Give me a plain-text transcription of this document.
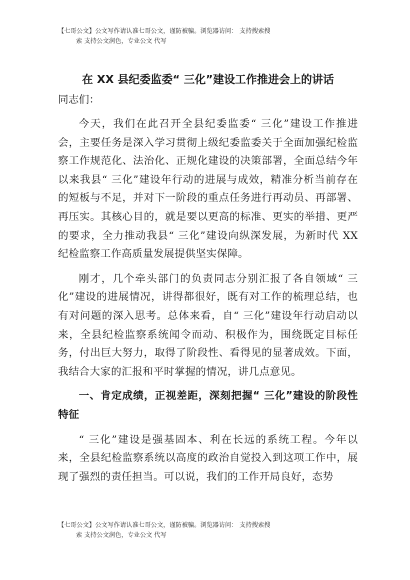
【七哥公文】公文写作请认准七哥公文，谨防被骗。浏览器访问： 支持搜索搜
索 支持公文润色，专业公文 代写
在 XX 县纪委监委“ 三化”建设工作推进会上的讲话
同志们：

今天，我们在此召开全县纪委监委“ 三化”建设工作推进会，主要任务是深入学习贯彻上级纪委监委关于全面加强纪检监察工作规范化、法治化、正规化建设的决策部署，全面总结今年以来我县“ 三化”建设年行动的进展与成效，精准分析当前存在的短板与不足，并对下一阶段的重点任务进行再动员、再部署、再压实。其核心目的，就是要以更高的标准、更实的举措、更严的要求，全力推动我县“ 三化”建设向纵深发展，为新时代 XX 纪检监察工作高质量发展提供坚实保障。

刚才，几个牵头部门的负责同志分别汇报了各自领域“ 三化”建设的进展情况，讲得都很好，既有对工作的梳理总结，也有对问题的深入思考。总体来看，自“ 三化”建设年行动启动以来，全县纪检监察系统闻令而动、积极作为，围绕既定目标任务，付出巨大努力，取得了阶段性、看得见的显著成效。下面，我结合大家的汇报和平时掌握的情况，讲几点意见。

一、肯定成绩，正视差距，深刻把握“ 三化”建设的阶段性特征

“ 三化”建设是强基固本、利在长远的系统工程。今年以来，全县纪检监察系统以高度的政治自觉投入到这项工作中，展现了强烈的责任担当。可以说，我们的工作开局良好，态势

【七哥公文】公文写作请认准七哥公文，谨防被骗。浏览器访问： 支持搜索搜
索 支持公文润色，专业公文 代写
